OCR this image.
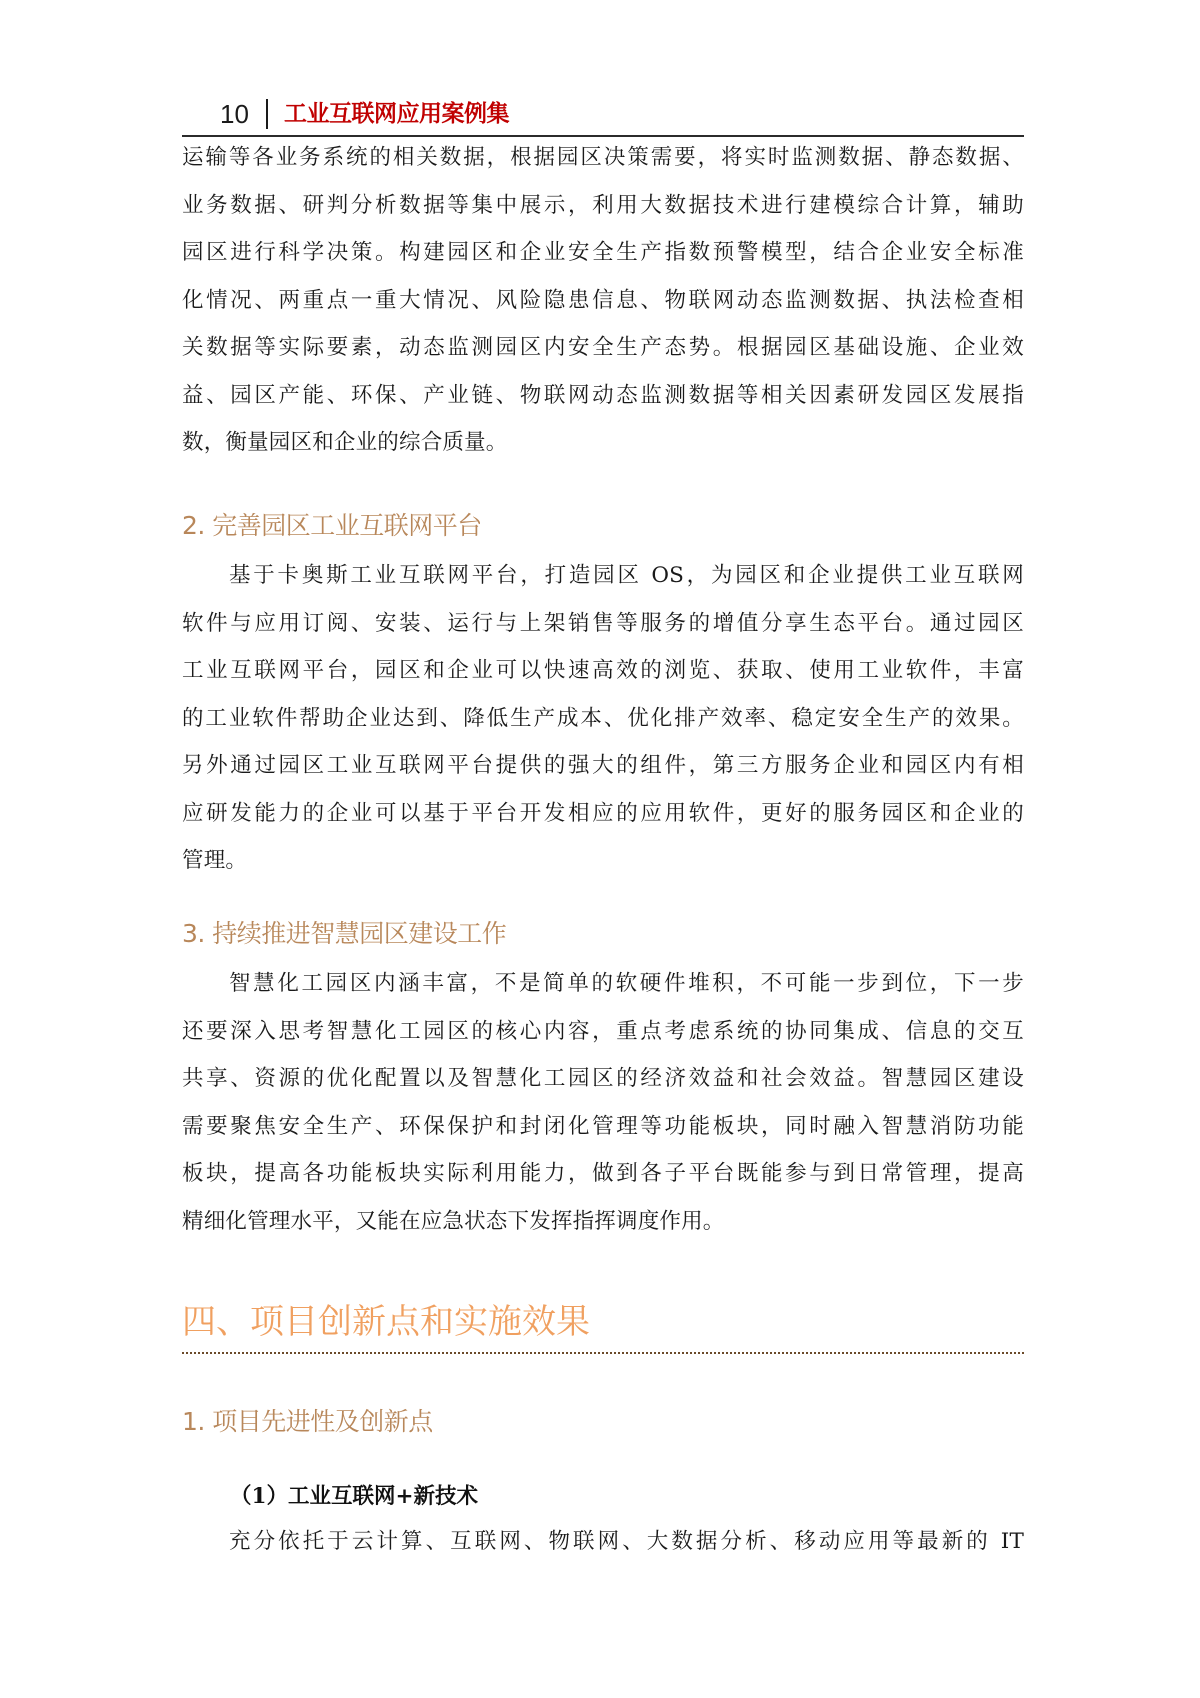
10 工业互联网应用案例集
运输等各业务系统的相关数据，根据园区决策需要，将实时监测数据、静态数据、
业务数据、研判分析数据等集中展示，利用大数据技术进行建模综合计算，辅助
园区进行科学决策。构建园区和企业安全生产指数预警模型，结合企业安全标准
化情况、两重点一重大情况、风险隐患信息、物联网动态监测数据、执法检查相
关数据等实际要素，动态监测园区内安全生产态势。根据园区基础设施、企业效
益、园区产能、环保、产业链、物联网动态监测数据等相关因素研发园区发展指
数，衡量园区和企业的综合质量。
2. 完善园区工业互联网平台
基于卡奥斯工业互联网平台，打造园区 OS，为园区和企业提供工业互联网
软件与应用订阅、安装、运行与上架销售等服务的增值分享生态平台。通过园区
工业互联网平台，园区和企业可以快速高效的浏览、获取、使用工业软件，丰富
的工业软件帮助企业达到、降低生产成本、优化排产效率、稳定安全生产的效果。
另外通过园区工业互联网平台提供的强大的组件，第三方服务企业和园区内有相
应研发能力的企业可以基于平台开发相应的应用软件，更好的服务园区和企业的
管理。
3. 持续推进智慧园区建设工作
智慧化工园区内涵丰富，不是简单的软硬件堆积，不可能一步到位，下一步
还要深入思考智慧化工园区的核心内容，重点考虑系统的协同集成、信息的交互
共享、资源的优化配置以及智慧化工园区的经济效益和社会效益。智慧园区建设
需要聚焦安全生产、环保保护和封闭化管理等功能板块，同时融入智慧消防功能
板块，提高各功能板块实际利用能力，做到各子平台既能参与到日常管理，提高
精细化管理水平，又能在应急状态下发挥指挥调度作用。
四、项目创新点和实施效果
1. 项目先进性及创新点
（1）工业互联网+新技术
充分依托于云计算、互联网、物联网、大数据分析、移动应用等最新的 IT
